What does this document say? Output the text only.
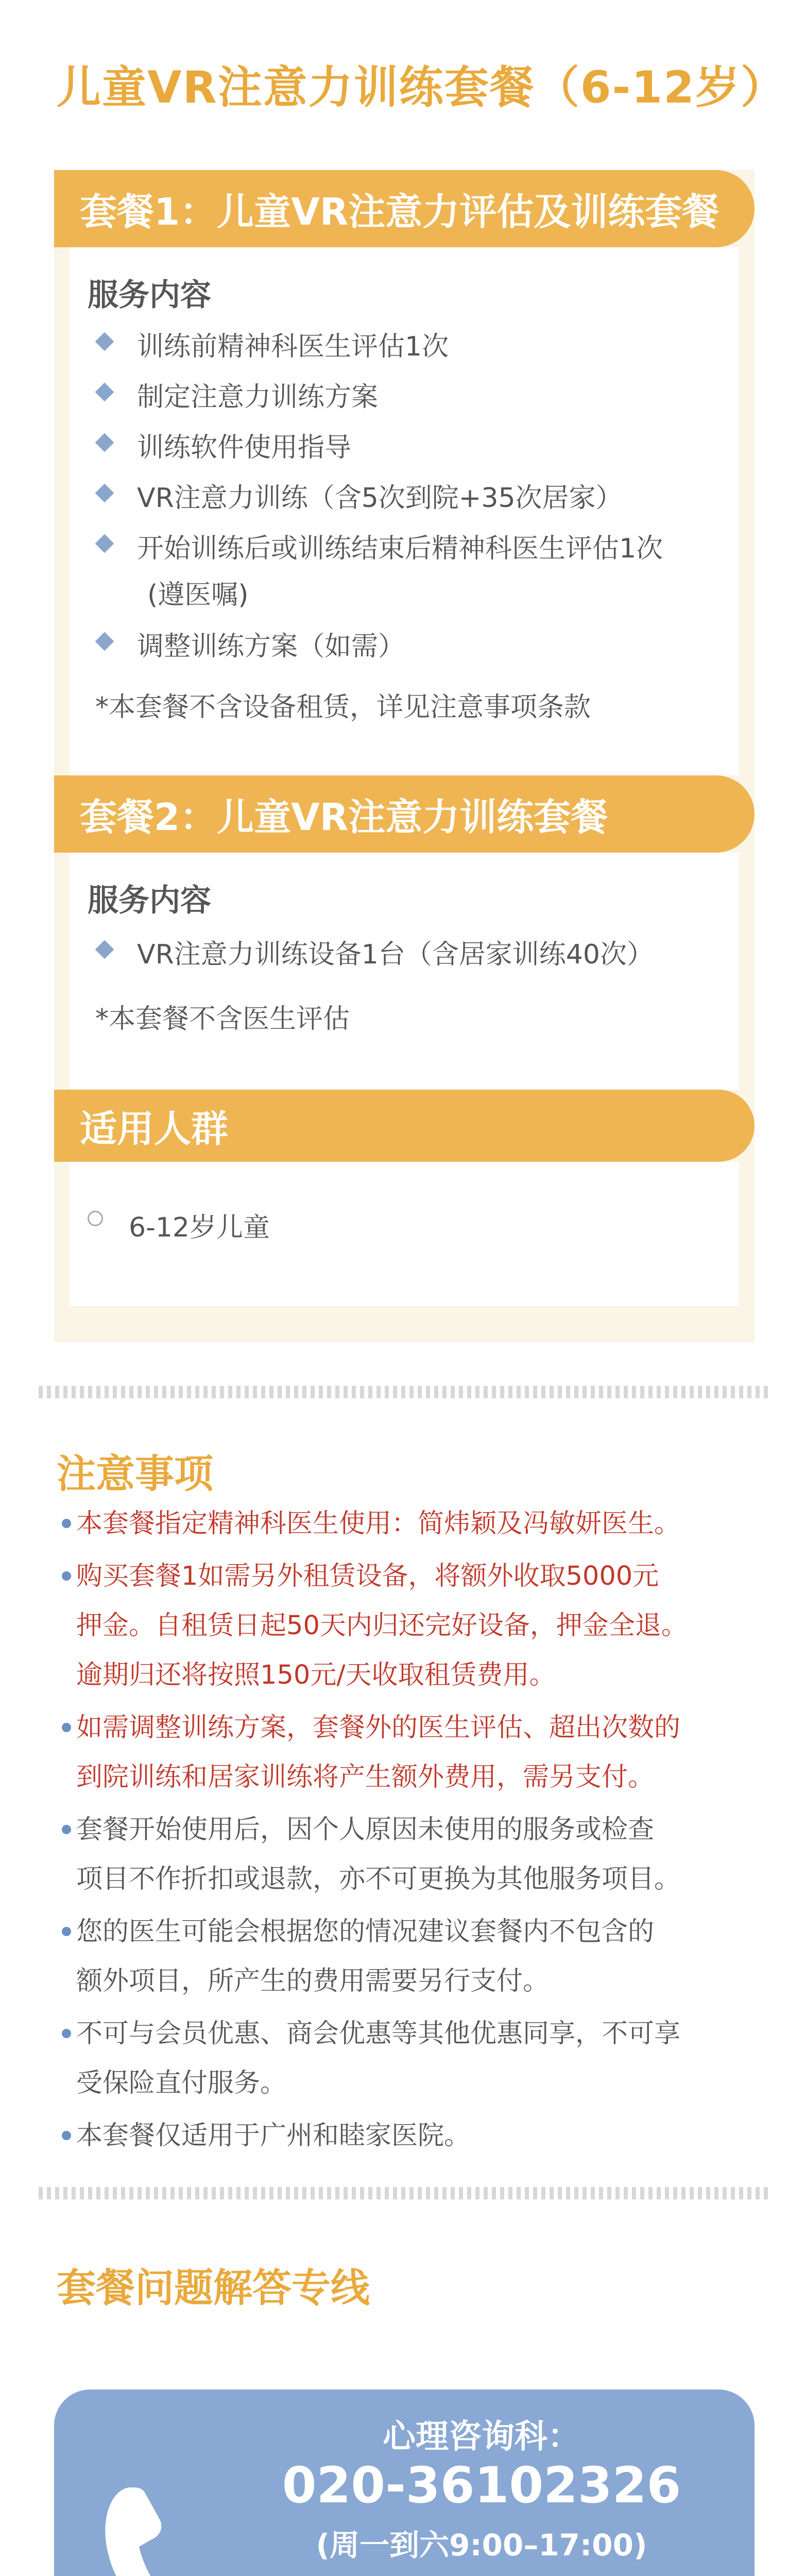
儿童VR注意力训练套餐（6-12岁）
套餐1：儿童VR注意力评估及训练套餐
服务内容
训练前精神科医生评估1次
制定注意力训练方案
训练软件使用指导
VR注意力训练（含5次到院+35次居家）
开始训练后或训练结束后精神科医生评估1次
(遵医嘱)
调整训练方案（如需）
*本套餐不含设备租赁，详见注意事项条款
套餐2：儿童VR注意力训练套餐
服务内容
VR注意力训练设备1台（含居家训练40次）
*本套餐不含医生评估
适用人群
6-12岁儿童
注意事项
本套餐指定精神科医生使用：简炜颖及冯敏妍医生。
购买套餐1如需另外租赁设备，将额外收取5000元
押金。自租赁日起50天内归还完好设备，押金全退。
逾期归还将按照150元/天收取租赁费用。
如需调整训练方案，套餐外的医生评估、超出次数的
到院训练和居家训练将产生额外费用，需另支付。
套餐开始使用后，因个人原因未使用的服务或检查
项目不作折扣或退款，亦不可更换为其他服务项目。
您的医生可能会根据您的情况建议套餐内不包含的
额外项目，所产生的费用需要另行支付。
不可与会员优惠、商会优惠等其他优惠同享，不可享
受保险直付服务。
本套餐仅适用于广州和睦家医院。
套餐问题解答专线
心理咨询科：
020-36102326
(周一到六9:00–17:00)
